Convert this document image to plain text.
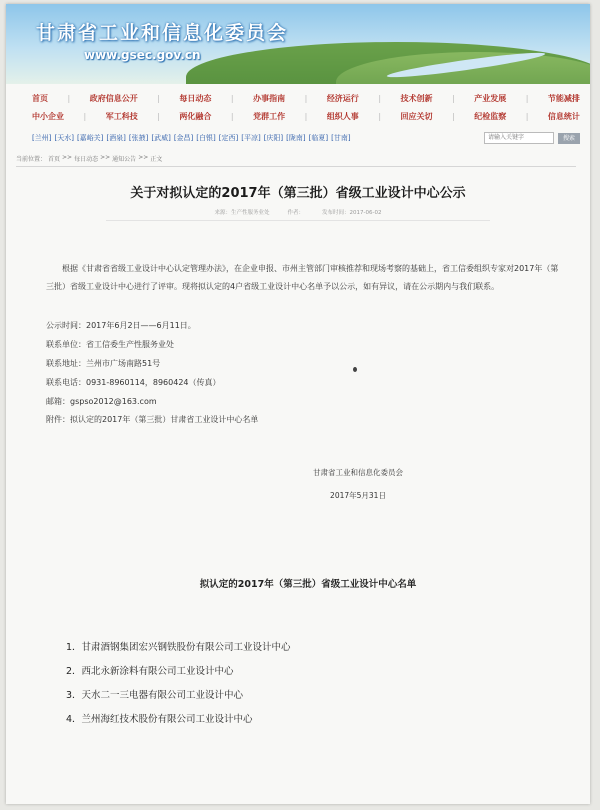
甘肃省工业和信息化委员会
www.gsec.gov.cn
首页 | 政府信息公开 | 每日动态 | 办事指南 | 经济运行 | 技术创新 | 产业发展 | 节能减排
中小企业 | 军工科技 | 两化融合 | 党群工作 | 组织人事 | 回应关切 | 纪检监察 | 信息统计
[兰州] [天水] [嘉峪关] [酒泉] [张掖] [武威] [金昌] [白银] [定西] [平凉] [庆阳] [陇南] [临夏] [甘南]
请输入关键字	搜索
当前位置： 首页 >> 每日动态 >> 通知公告 >> 正文
关于对拟认定的2017年（第三批）省级工业设计中心公示
来源：生产性服务业处	作者：	发布时间：2017-06-02
根据《甘肃省省级工业设计中心认定管理办法》，在企业申报、市州主管部门审核推荐和现场考察的基础上，省工信委组织专家对2017年（第三批）省级工业设计中心进行了评审。现将拟认定的4户省级工业设计中心名单予以公示，如有异议，请在公示期内与我们联系。
公示时间：2017年6月2日——6月11日。
联系单位：省工信委生产性服务业处
联系地址：兰州市广场南路51号
联系电话：0931-8960114，8960424（传真）
邮箱：gspso2012@163.com
附件：拟认定的2017年（第三批）甘肃省工业设计中心名单
甘肃省工业和信息化委员会
2017年5月31日
拟认定的2017年（第三批）省级工业设计中心名单
1．甘肃酒钢集团宏兴钢铁股份有限公司工业设计中心
2．西北永新涂料有限公司工业设计中心
3．天水二一三电器有限公司工业设计中心
4．兰州海红技术股份有限公司工业设计中心
